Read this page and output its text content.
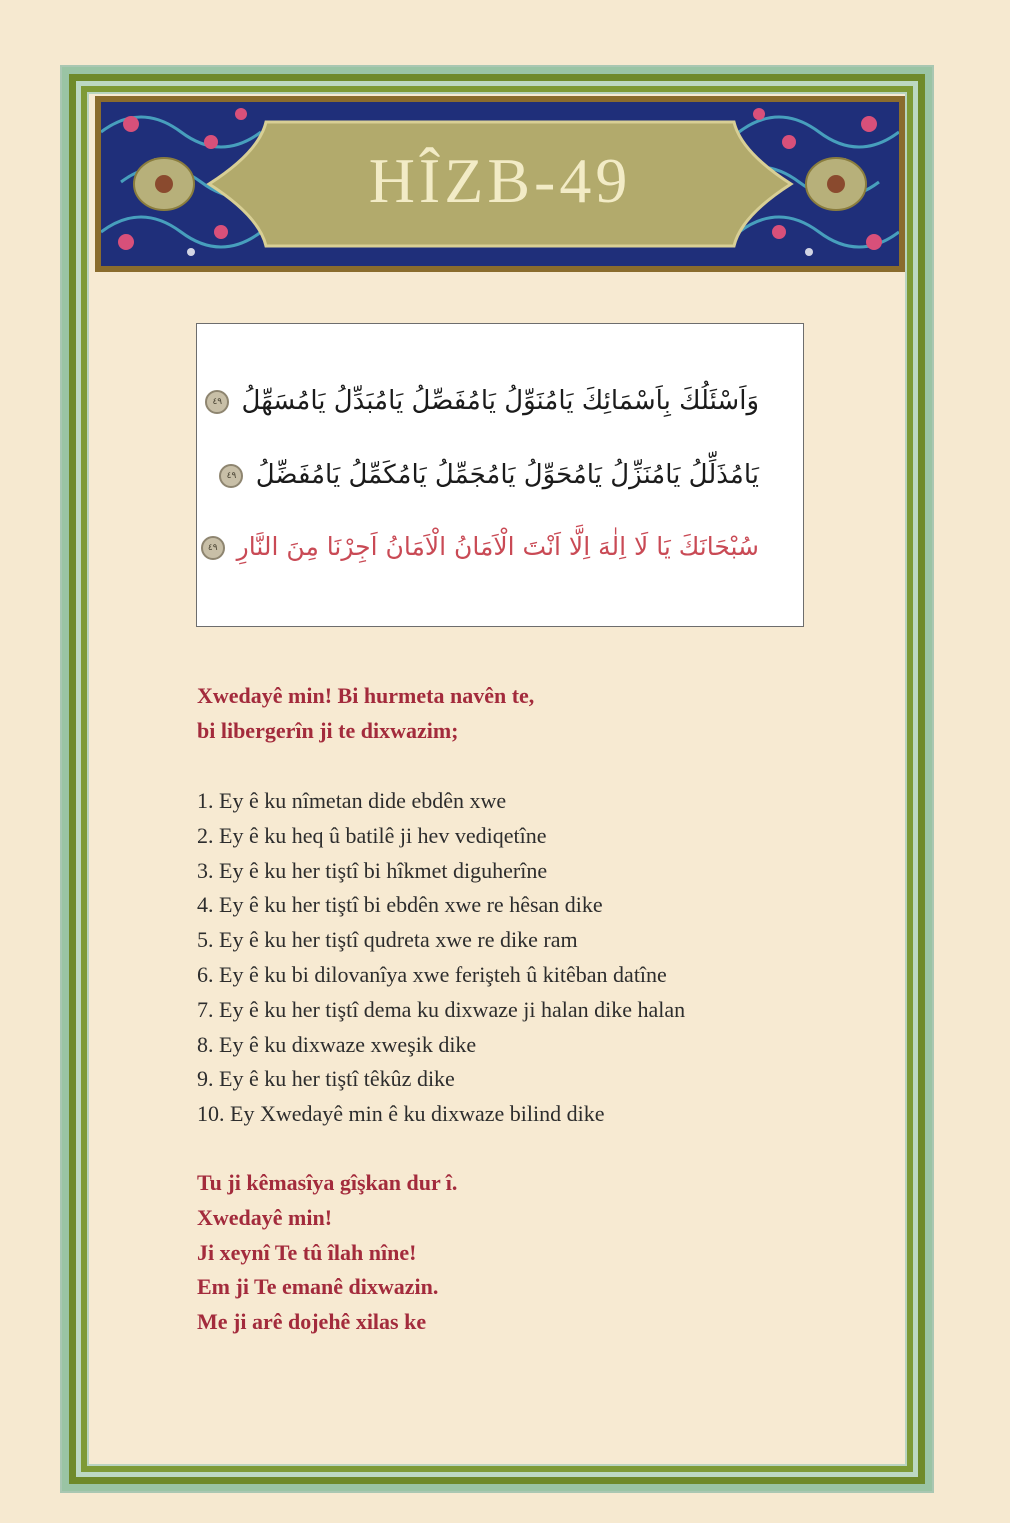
HÎZB-49
وَاَسْئَلُكَ بِاَسْمَائِكَ يَامُنَوِّلُ يَامُفَصِّلُ يَامُبَدِّلُ يَامُسَهِّلُ ٤٩
يَامُذَلِّلُ يَامُنَزِّلُ يَامُحَوِّلُ يَامُجَمِّلُ يَامُكَمِّلُ يَامُفَضِّلُ ٤٩
سُبْحَانَكَ يَا لَا اِلٰهَ اِلَّا اَنْتَ الْاَمَانُ الْاَمَانُ اَجِرْنَا مِنَ النَّارِ ٤٩
Xwedayê min! Bi hurmeta navên te,
bi libergerîn ji te dixwazim;
1. Ey ê ku nîmetan dide ebdên xwe
2. Ey ê ku heq û batilê ji hev vediqetîne
3. Ey ê ku her tiştî bi hîkmet diguherîne
4. Ey ê ku her tiştî bi ebdên xwe re hêsan dike
5. Ey ê ku her tiştî qudreta xwe re dike ram
6. Ey ê ku bi dilovanîya xwe ferişteh û kitêban datîne
7. Ey ê ku her tiştî dema ku dixwaze ji halan dike halan
8. Ey ê ku dixwaze xweşik dike
9. Ey ê ku her tiştî têkûz dike
10. Ey Xwedayê min ê ku dixwaze bilind dike
Tu ji kêmasîya gîşkan dur î.
Xwedayê min!
Ji xeynî Te tû îlah nîne!
Em ji Te emanê dixwazin.
Me ji arê dojehê xilas ke
